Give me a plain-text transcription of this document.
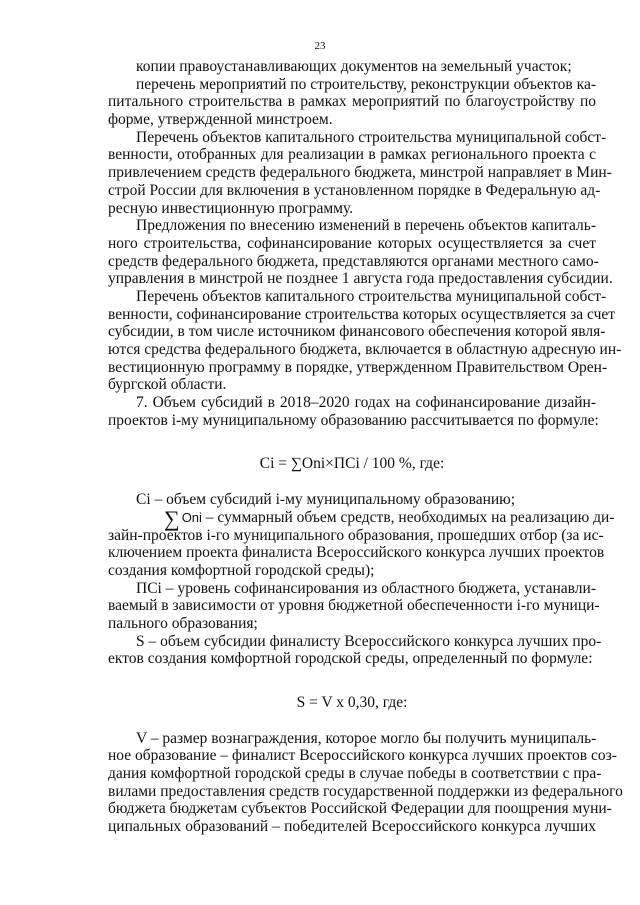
23
копии правоустанавливающих документов на земельный участок;
перечень мероприятий по строительству, реконструкции объектов ка-
питального строительства в рамках мероприятий по благоустройству по
форме, утвержденной минстроем.
Перечень объектов капитального строительства муниципальной собст-
венности, отобранных для реализации в рамках регионального проекта с
привлечением средств федерального бюджета, минстрой направляет в Мин-
строй России для включения в установленном порядке в Федеральную ад-
ресную инвестиционную программу.
Предложения по внесению изменений в перечень объектов капиталь-
ного строительства, софинансирование которых осуществляется за счет
средств федерального бюджета, представляются органами местного само-
управления в минстрой не позднее 1 августа года предоставления субсидии.
Перечень объектов капитального строительства муниципальной собст-
венности, софинансирование строительства которых осуществляется за счет
субсидии, в том числе источником финансового обеспечения которой явля-
ются средства федерального бюджета, включается в областную адресную ин-
вестиционную программу в порядке, утвержденном Правительством Орен-
бургской области.
7. Объем субсидий в 2018–2020 годах на софинансирование дизайн-
проектов i-му муниципальному образованию рассчитывается по формуле:
Ci = ∑Oni×ПCi / 100 %, где:
Ci – объем субсидий i-му муниципальному образованию;
∑ Oni – суммарный объем средств, необходимых на реализацию ди-
зайн-проектов i-го муниципального образования, прошедших отбор (за ис-
ключением проекта финалиста Всероссийского конкурса лучших проектов
создания комфортной городской среды);
ПCi – уровень софинансирования из областного бюджета, устанавли-
ваемый в зависимости от уровня бюджетной обеспеченности i-го муници-
пального образования;
S – объем субсидии финалисту Всероссийского конкурса лучших про-
ектов создания комфортной городской среды, определенный по формуле:
S = V x 0,30, где:
V – размер вознаграждения, которое могло бы получить муниципаль-
ное образование – финалист Всероссийского конкурса лучших проектов соз-
дания комфортной городской среды в случае победы в соответствии с пра-
вилами предоставления средств государственной поддержки из федерального
бюджета бюджетам субъектов Российской Федерации для поощрения муни-
ципальных образований – победителей Всероссийского конкурса лучших
